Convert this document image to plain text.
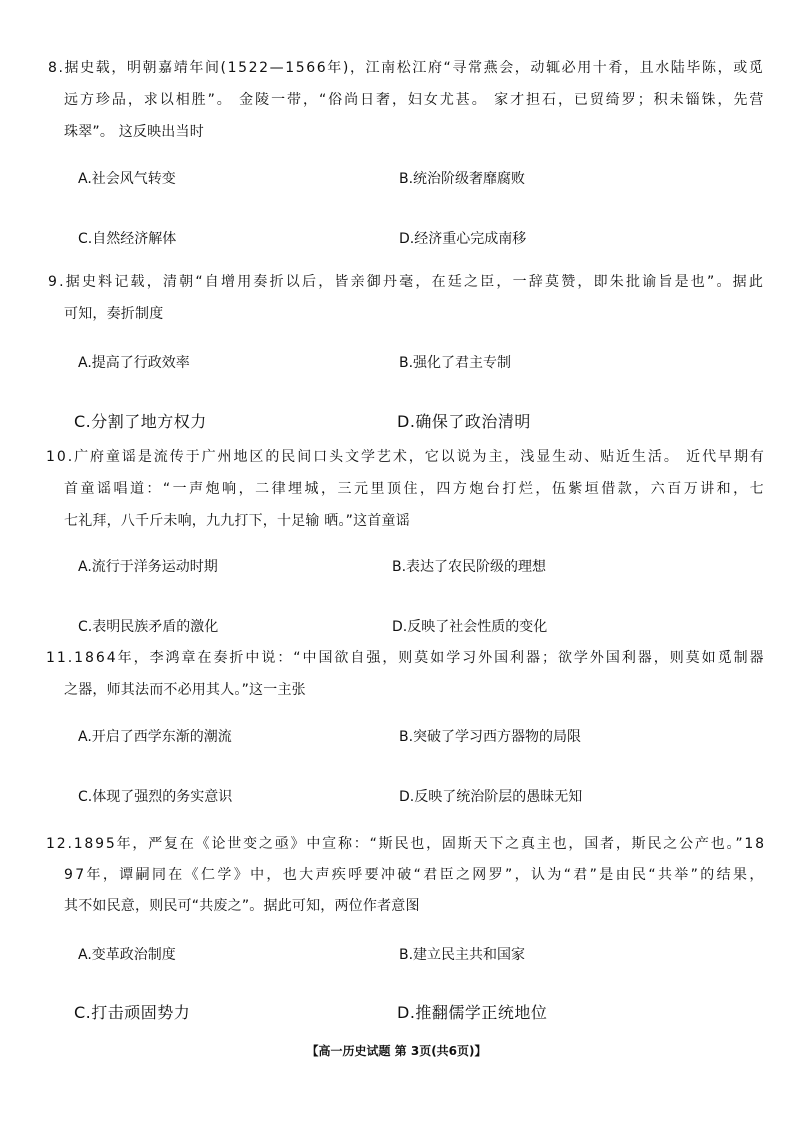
8.据史载，明朝嘉靖年间(1522—1566年)，江南松江府“寻常燕会，动辄必用十肴，且水陆毕陈，或觅
远方珍品，求以相胜”。 金陵一带，“俗尚日奢，妇女尤甚。 家才担石，已贸绮罗；积未锱铢，先营
珠翠”。 这反映出当时
A.社会风气转变	B.统治阶级奢靡腐败
C.自然经济解体	D.经济重心完成南移
9.据史料记载，清朝“自增用奏折以后，皆亲御丹毫，在廷之臣，一辞莫赞，即朱批谕旨是也”。据此
可知，奏折制度
A.提高了行政效率	B.强化了君主专制
C.分割了地方权力	D.确保了政治清明
10.广府童谣是流传于广州地区的民间口头文学艺术，它以说为主，浅显生动、贴近生活。 近代早期有
首童谣唱道：“一声炮响，二律埋城，三元里顶住，四方炮台打烂，伍紫垣借款，六百万讲和，七
七礼拜，八千斤未响，九九打下，十足输 晒。”这首童谣
A.流行于洋务运动时期	B.表达了农民阶级的理想
C.表明民族矛盾的激化	D.反映了社会性质的变化
11.1864年，李鸿章在奏折中说：“中国欲自强，则莫如学习外国利器；欲学外国利器，则莫如觅制器
之器，师其法而不必用其人。”这一主张
A.开启了西学东渐的潮流	B.突破了学习西方器物的局限
C.体现了强烈的务实意识	D.反映了统治阶层的愚昧无知
12.1895年，严复在《论世变之亟》中宣称：“斯民也，固斯天下之真主也，国者，斯民之公产也。”18
97年，谭嗣同在《仁学》中，也大声疾呼要冲破“君臣之网罗”，认为“君”是由民“共举”的结果，
其不如民意，则民可“共废之”。据此可知，两位作者意图
A.变革政治制度	B.建立民主共和国家
C.打击顽固势力	D.推翻儒学正统地位
【高一历史试题 第 3页(共6页)】
